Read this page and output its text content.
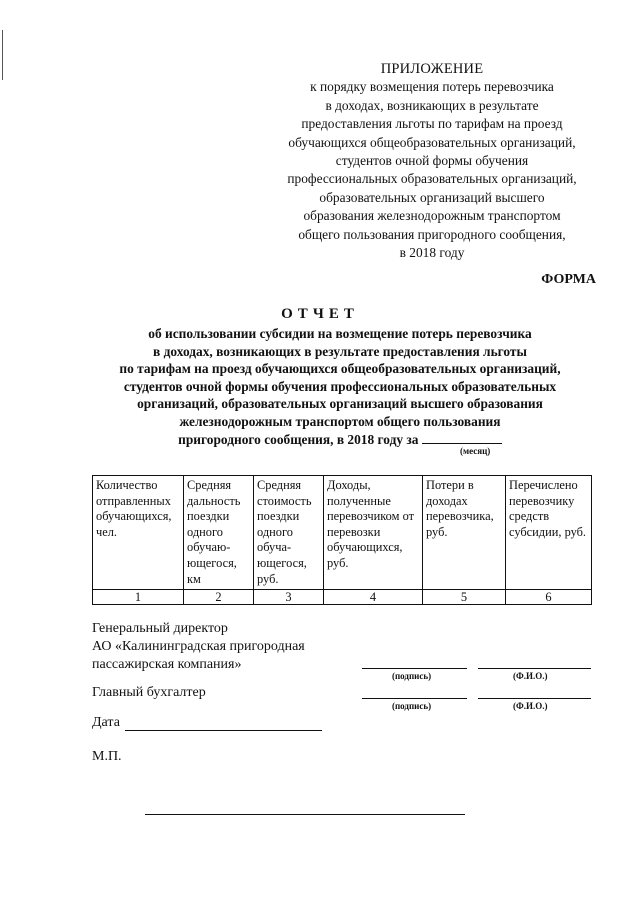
ПРИЛОЖЕНИЕ
к порядку возмещения потерь перевозчика
в доходах, возникающих в результате
предоставления льготы по тарифам на проезд
обучающихся общеобразовательных организаций,
студентов очной формы обучения
профессиональных образовательных организаций,
образовательных организаций высшего
образования железнодорожным транспортом
общего пользования пригородного сообщения,
в 2018 году
ФОРМА
ОТЧЕТ
об использовании субсидии на возмещение потерь перевозчика
в доходах, возникающих в результате предоставления льготы
по тарифам на проезд обучающихся общеобразовательных организаций,
студентов очной формы обучения профессиональных образовательных
организаций, образовательных организаций высшего образования
железнодорожным транспортом общего пользования
пригородного сообщения, в 2018 году за
(месяц)
Количество отправленных обучающихся, чел.	Средняя дальность поездки одного обучаю-ющегося, км	Средняя стоимость поездки одного обуча-ющегося, руб.	Доходы, полученные перевозчиком от перевозки обучающихся, руб.	Потери в доходах перевозчика, руб.	Перечислено перевозчику средств субсидии, руб.
1	2	3	4	5	6
Генеральный директор
АО «Калининградская пригородная
пассажирская компания»
(подпись)	(Ф.И.О.)
Главный бухгалтер
(подпись)	(Ф.И.О.)
Дата
М.П.
